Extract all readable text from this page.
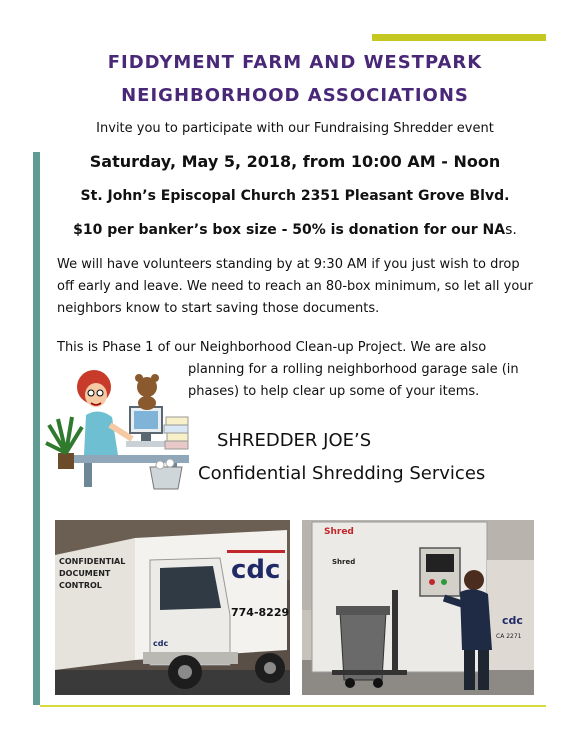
FIDDYMENT FARM AND WESTPARK
NEIGHBORHOOD ASSOCIATIONS
Invite you to participate with our Fundraising Shredder event
Saturday, May 5, 2018, from 10:00 AM - Noon
St. John’s Episcopal Church 2351 Pleasant Grove Blvd.
$10 per banker’s box size - 50% is donation for our NAs.
We will have volunteers standing by at 9:30 AM if you just wish to drop off early and leave. We need to reach an 80-box minimum, so let all your neighbors know to start saving those documents.
This is Phase 1 of our Neighborhood Clean-up Project. We are also
planning for a rolling neighborhood garage sale (in phases) to help clear up some of your items.
SHREDDER JOE’S
Confidential Shredding Services
cdc
774-8229
CONFIDENTIAL
DOCUMENT
CONTROL
cdc
Shred
Shred
cdc
CA 2271
